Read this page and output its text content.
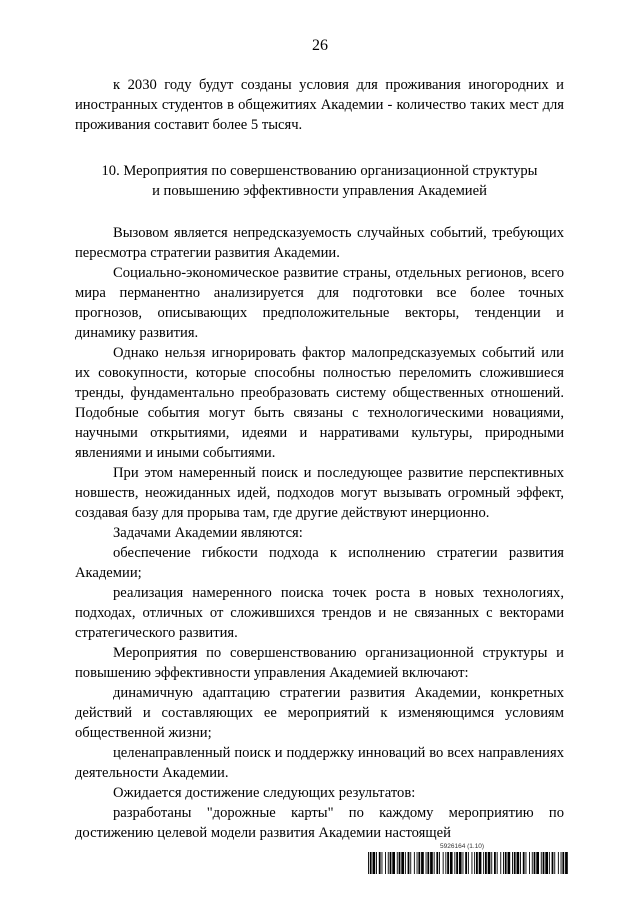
26

к 2030 году будут созданы условия для проживания иногородних и иностранных студентов в общежитиях Академии - количество таких мест для проживания составит более 5 тысяч.

10. Мероприятия по совершенствованию организационной структуры
и повышению эффективности управления Академией

Вызовом является непредсказуемость случайных событий, требующих пересмотра стратегии развития Академии.

Социально-экономическое развитие страны, отдельных регионов, всего мира перманентно анализируется для подготовки все более точных прогнозов, описывающих предположительные векторы, тенденции и динамику развития.

Однако нельзя игнорировать фактор малопредсказуемых событий или их совокупности, которые способны полностью переломить сложившиеся тренды, фундаментально преобразовать систему общественных отношений. Подобные события могут быть связаны с технологическими новациями, научными открытиями, идеями и нарративами культуры, природными явлениями и иными событиями.

При этом намеренный поиск и последующее развитие перспективных новшеств, неожиданных идей, подходов могут вызывать огромный эффект, создавая базу для прорыва там, где другие действуют инерционно.

Задачами Академии являются:

обеспечение гибкости подхода к исполнению стратегии развития Академии;

реализация намеренного поиска точек роста в новых технологиях, подходах, отличных от сложившихся трендов и не связанных с векторами стратегического развития.

Мероприятия по совершенствованию организационной структуры и повышению эффективности управления Академией включают:

динамичную адаптацию стратегии развития Академии, конкретных действий и составляющих ее мероприятий к изменяющимся условиям общественной жизни;

целенаправленный поиск и поддержку инноваций во всех направлениях деятельности Академии.

Ожидается достижение следующих результатов:

разработаны "дорожные карты" по каждому мероприятию по достижению целевой модели развития Академии настоящей

5926164 (1.10)
